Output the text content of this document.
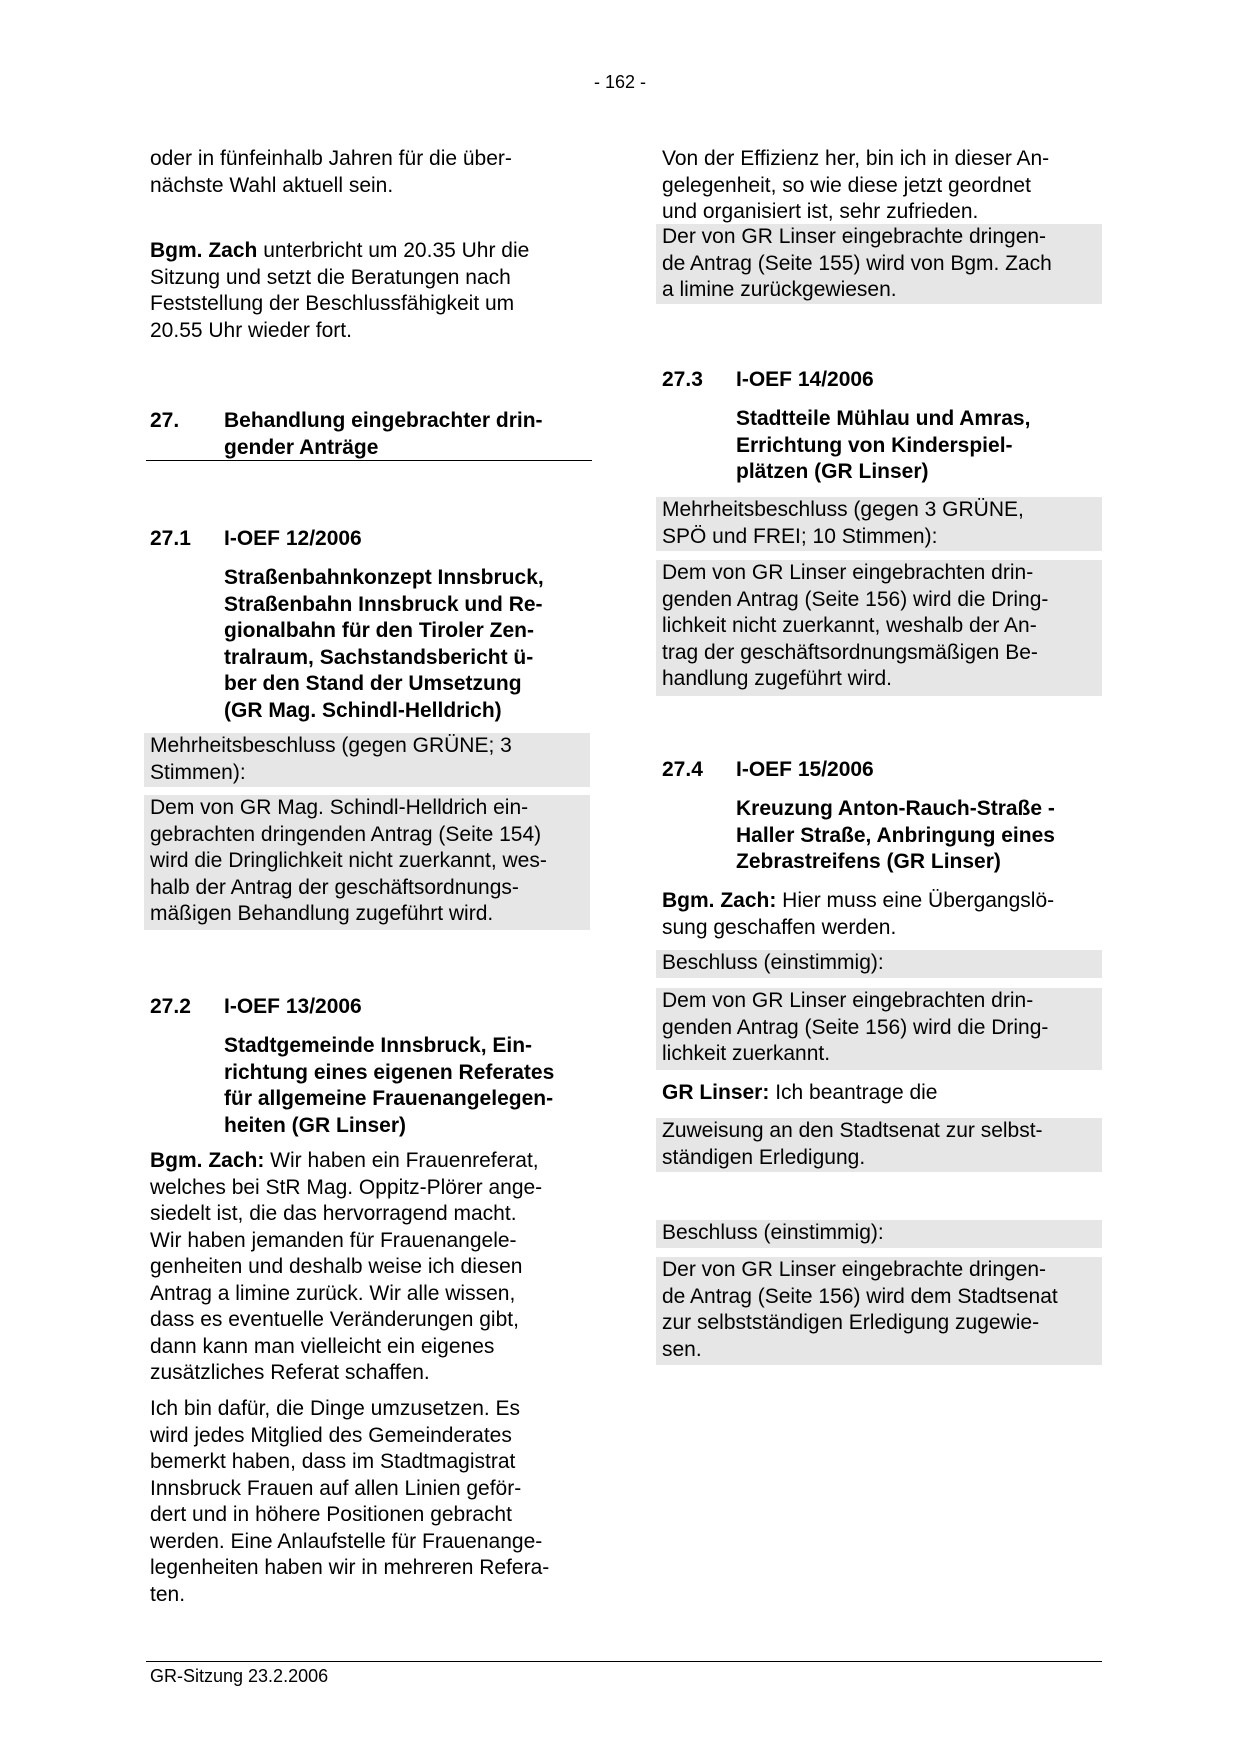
- 162 -
oder in fünfeinhalb Jahren für die über-
nächste Wahl aktuell sein.
Bgm. Zach unterbricht um 20.35 Uhr die
Sitzung und setzt die Beratungen nach
Feststellung der Beschlussfähigkeit um
20.55 Uhr wieder fort.
27. Behandlung eingebrachter drin-
gender Anträge
27.1 I-OEF 12/2006
Straßenbahnkonzept Innsbruck,
Straßenbahn Innsbruck und Re-
gionalbahn für den Tiroler Zen-
tralraum, Sachstandsbericht ü-
ber den Stand der Umsetzung
(GR Mag. Schindl-Helldrich)
Mehrheitsbeschluss (gegen GRÜNE; 3
Stimmen):
Dem von GR Mag. Schindl-Helldrich ein-
gebrachten dringenden Antrag (Seite 154)
wird die Dringlichkeit nicht zuerkannt, wes-
halb der Antrag der geschäftsordnungs-
mäßigen Behandlung zugeführt wird.
27.2 I-OEF 13/2006
Stadtgemeinde Innsbruck, Ein-
richtung eines eigenen Referates
für allgemeine Frauenangelegen-
heiten (GR Linser)
Bgm. Zach: Wir haben ein Frauenreferat,
welches bei StR Mag. Oppitz-Plörer ange-
siedelt ist, die das hervorragend macht.
Wir haben jemanden für Frauenangele-
genheiten und deshalb weise ich diesen
Antrag a limine zurück. Wir alle wissen,
dass es eventuelle Veränderungen gibt,
dann kann man vielleicht ein eigenes
zusätzliches Referat schaffen.
Ich bin dafür, die Dinge umzusetzen. Es
wird jedes Mitglied des Gemeinderates
bemerkt haben, dass im Stadtmagistrat
Innsbruck Frauen auf allen Linien geför-
dert und in höhere Positionen gebracht
werden. Eine Anlaufstelle für Frauenange-
legenheiten haben wir in mehreren Refera-
ten.
Von der Effizienz her, bin ich in dieser An-
gelegenheit, so wie diese jetzt geordnet
und organisiert ist, sehr zufrieden.
Der von GR Linser eingebrachte dringen-
de Antrag (Seite 155) wird von Bgm. Zach
a limine zurückgewiesen.
27.3 I-OEF 14/2006
Stadtteile Mühlau und Amras,
Errichtung von Kinderspiel-
plätzen (GR Linser)
Mehrheitsbeschluss (gegen 3 GRÜNE,
SPÖ und FREI; 10 Stimmen):
Dem von GR Linser eingebrachten drin-
genden Antrag (Seite 156) wird die Dring-
lichkeit nicht zuerkannt, weshalb der An-
trag der geschäftsordnungsmäßigen Be-
handlung zugeführt wird.
27.4 I-OEF 15/2006
Kreuzung Anton-Rauch-Straße -
Haller Straße, Anbringung eines
Zebrastreifens (GR Linser)
Bgm. Zach: Hier muss eine Übergangslö-
sung geschaffen werden.
Beschluss (einstimmig):
Dem von GR Linser eingebrachten drin-
genden Antrag (Seite 156) wird die Dring-
lichkeit zuerkannt.
GR Linser: Ich beantrage die
Zuweisung an den Stadtsenat zur selbst-
ständigen Erledigung.
Beschluss (einstimmig):
Der von GR Linser eingebrachte dringen-
de Antrag (Seite 156) wird dem Stadtsenat
zur selbstständigen Erledigung zugewie-
sen.
GR-Sitzung 23.2.2006
